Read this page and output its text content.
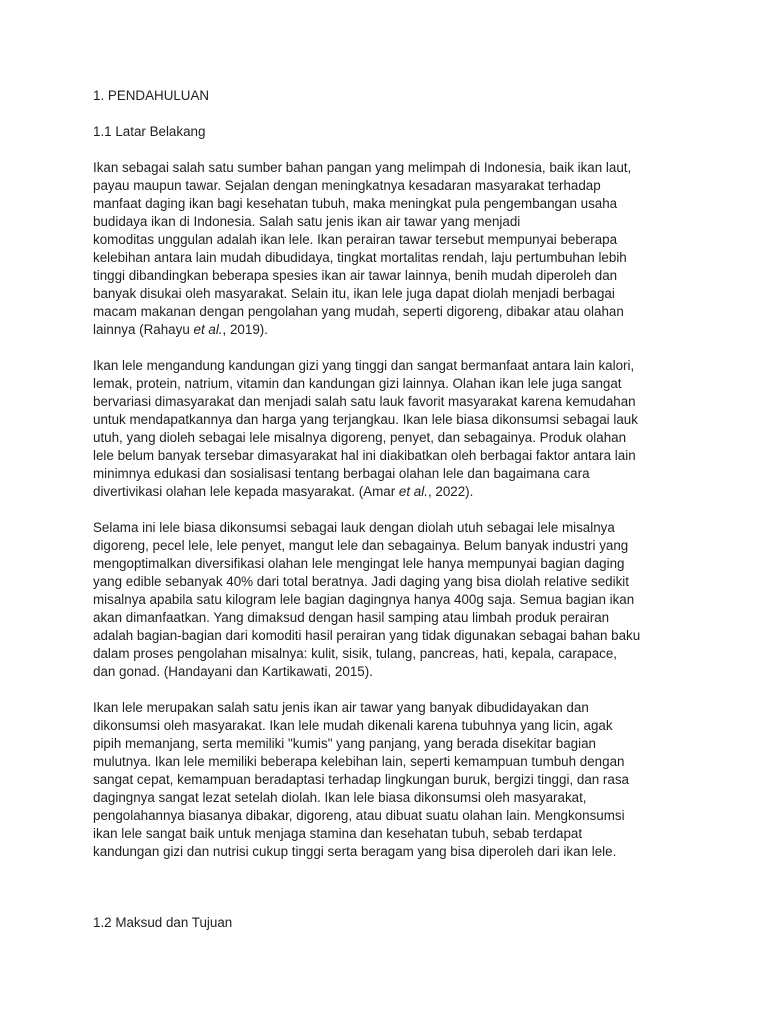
1. PENDAHULUAN

1.1 Latar Belakang

Ikan sebagai salah satu sumber bahan pangan yang melimpah di Indonesia, baik ikan laut,
payau maupun tawar. Sejalan dengan meningkatnya kesadaran masyarakat terhadap
manfaat daging ikan bagi kesehatan tubuh, maka meningkat pula pengembangan usaha
budidaya ikan di Indonesia. Salah satu jenis ikan air tawar yang menjadi
komoditas unggulan adalah ikan lele. Ikan perairan tawar tersebut mempunyai beberapa
kelebihan antara lain mudah dibudidaya, tingkat mortalitas rendah, laju pertumbuhan lebih
tinggi dibandingkan beberapa spesies ikan air tawar lainnya, benih mudah diperoleh dan
banyak disukai oleh masyarakat. Selain itu, ikan lele juga dapat diolah menjadi berbagai
macam makanan dengan pengolahan yang mudah, seperti digoreng, dibakar atau olahan
lainnya (Rahayu et al., 2019).

Ikan lele mengandung kandungan gizi yang tinggi dan sangat bermanfaat antara lain kalori,
lemak, protein, natrium, vitamin dan kandungan gizi lainnya. Olahan ikan lele juga sangat
bervariasi dimasyarakat dan menjadi salah satu lauk favorit masyarakat karena kemudahan
untuk mendapatkannya dan harga yang terjangkau. Ikan lele biasa dikonsumsi sebagai lauk
utuh, yang dioleh sebagai lele misalnya digoreng, penyet, dan sebagainya. Produk olahan
lele belum banyak tersebar dimasyarakat hal ini diakibatkan oleh berbagai faktor antara lain
minimnya edukasi dan sosialisasi tentang berbagai olahan lele dan bagaimana cara
divertivikasi olahan lele kepada masyarakat. (Amar et al., 2022).

Selama ini lele biasa dikonsumsi sebagai lauk dengan diolah utuh sebagai lele misalnya
digoreng, pecel lele, lele penyet, mangut lele dan sebagainya. Belum banyak industri yang
mengoptimalkan diversifikasi olahan lele mengingat lele hanya mempunyai bagian daging
yang edible sebanyak 40% dari total beratnya. Jadi daging yang bisa diolah relative sedikit
misalnya apabila satu kilogram lele bagian dagingnya hanya 400g saja. Semua bagian ikan
akan dimanfaatkan. Yang dimaksud dengan hasil samping atau limbah produk perairan
adalah bagian-bagian dari komoditi hasil perairan yang tidak digunakan sebagai bahan baku
dalam proses pengolahan misalnya: kulit, sisik, tulang, pancreas, hati, kepala, carapace,
dan gonad. (Handayani dan Kartikawati, 2015).

Ikan lele merupakan salah satu jenis ikan air tawar yang banyak dibudidayakan dan
dikonsumsi oleh masyarakat. Ikan lele mudah dikenali karena tubuhnya yang licin, agak
pipih memanjang, serta memiliki "kumis" yang panjang, yang berada disekitar bagian
mulutnya. Ikan lele memiliki beberapa kelebihan lain, seperti kemampuan tumbuh dengan
sangat cepat, kemampuan beradaptasi terhadap lingkungan buruk, bergizi tinggi, dan rasa
dagingnya sangat lezat setelah diolah. Ikan lele biasa dikonsumsi oleh masyarakat,
pengolahannya biasanya dibakar, digoreng, atau dibuat suatu olahan lain. Mengkonsumsi
ikan lele sangat baik untuk menjaga stamina dan kesehatan tubuh, sebab terdapat
kandungan gizi dan nutrisi cukup tinggi serta beragam yang bisa diperoleh dari ikan lele.

1.2 Maksud dan Tujuan
